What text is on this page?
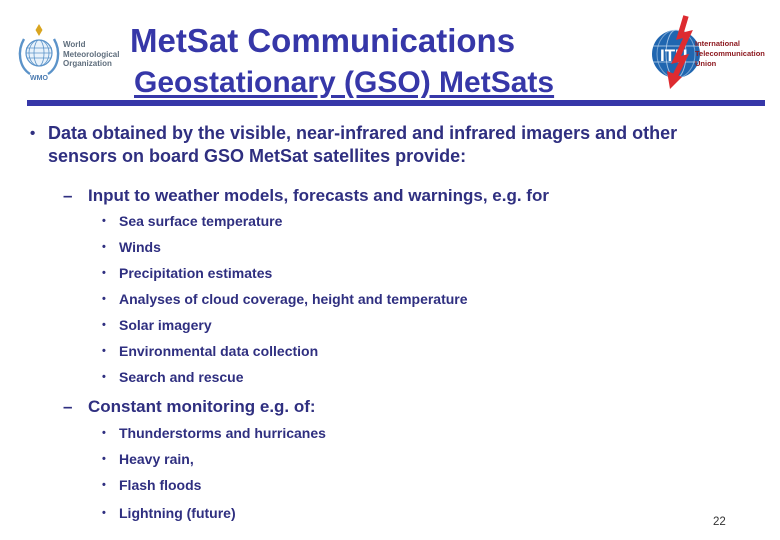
WMO
World
Meteorological
Organization
MetSat Communications
Geostationary (GSO) MetSats
ITU
International
Telecommunication
Union
• Data obtained by the visible, near-infrared and infrared imagers and other sensors on board GSO MetSat satellites provide:
– Input to weather models, forecasts and warnings, e.g. for
• Sea surface temperature
• Winds
• Precipitation estimates
• Analyses of cloud coverage, height and temperature
• Solar imagery
• Environmental data collection
• Search and rescue
– Constant monitoring e.g. of:
• Thunderstorms and hurricanes
• Heavy rain,
• Flash floods
• Lightning (future)
22
